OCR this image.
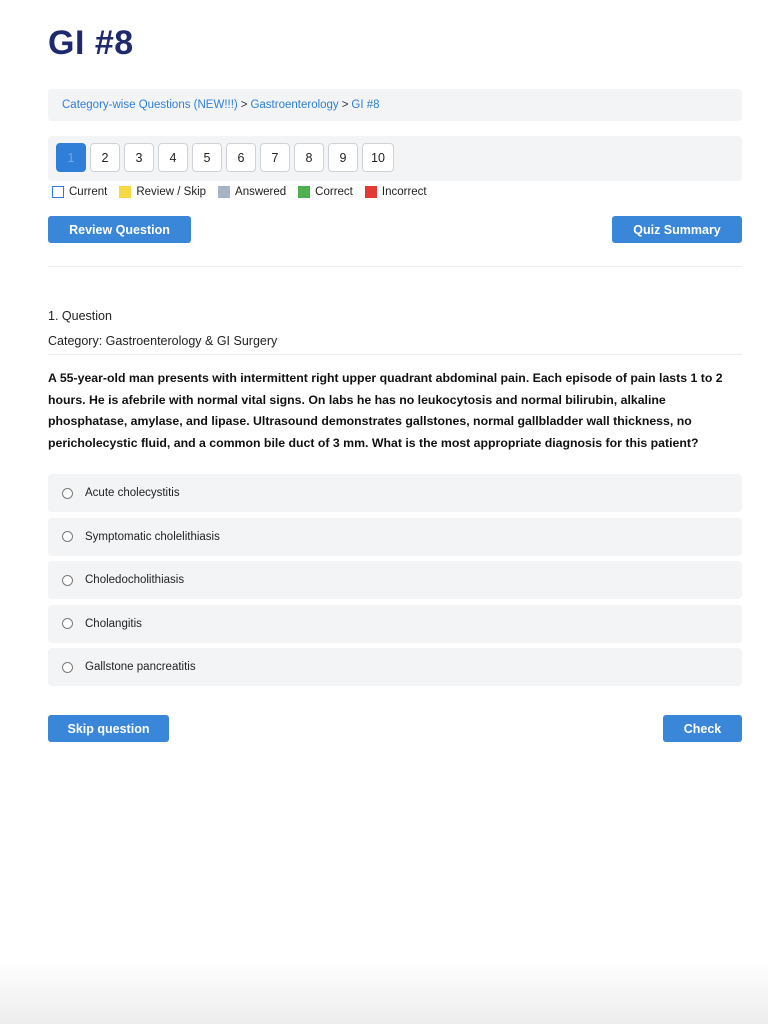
GI #8
Category-wise Questions (NEW!!!) > Gastroenterology > GI #8
1	2	3	4	5	6	7	8	9	10
Current	Review / Skip	Answered	Correct	Incorrect
Review Question	Quiz Summary
1. Question
Category: Gastroenterology & GI Surgery
A 55-year-old man presents with intermittent right upper quadrant abdominal pain. Each episode of pain lasts 1 to 2 hours. He is afebrile with normal vital signs. On labs he has no leukocytosis and normal bilirubin, alkaline phosphatase, amylase, and lipase. Ultrasound demonstrates gallstones, normal gallbladder wall thickness, no pericholecystic fluid, and a common bile duct of 3 mm. What is the most appropriate diagnosis for this patient?
Acute cholecystitis
Symptomatic cholelithiasis
Choledocholithiasis
Cholangitis
Gallstone pancreatitis
Skip question	Check
